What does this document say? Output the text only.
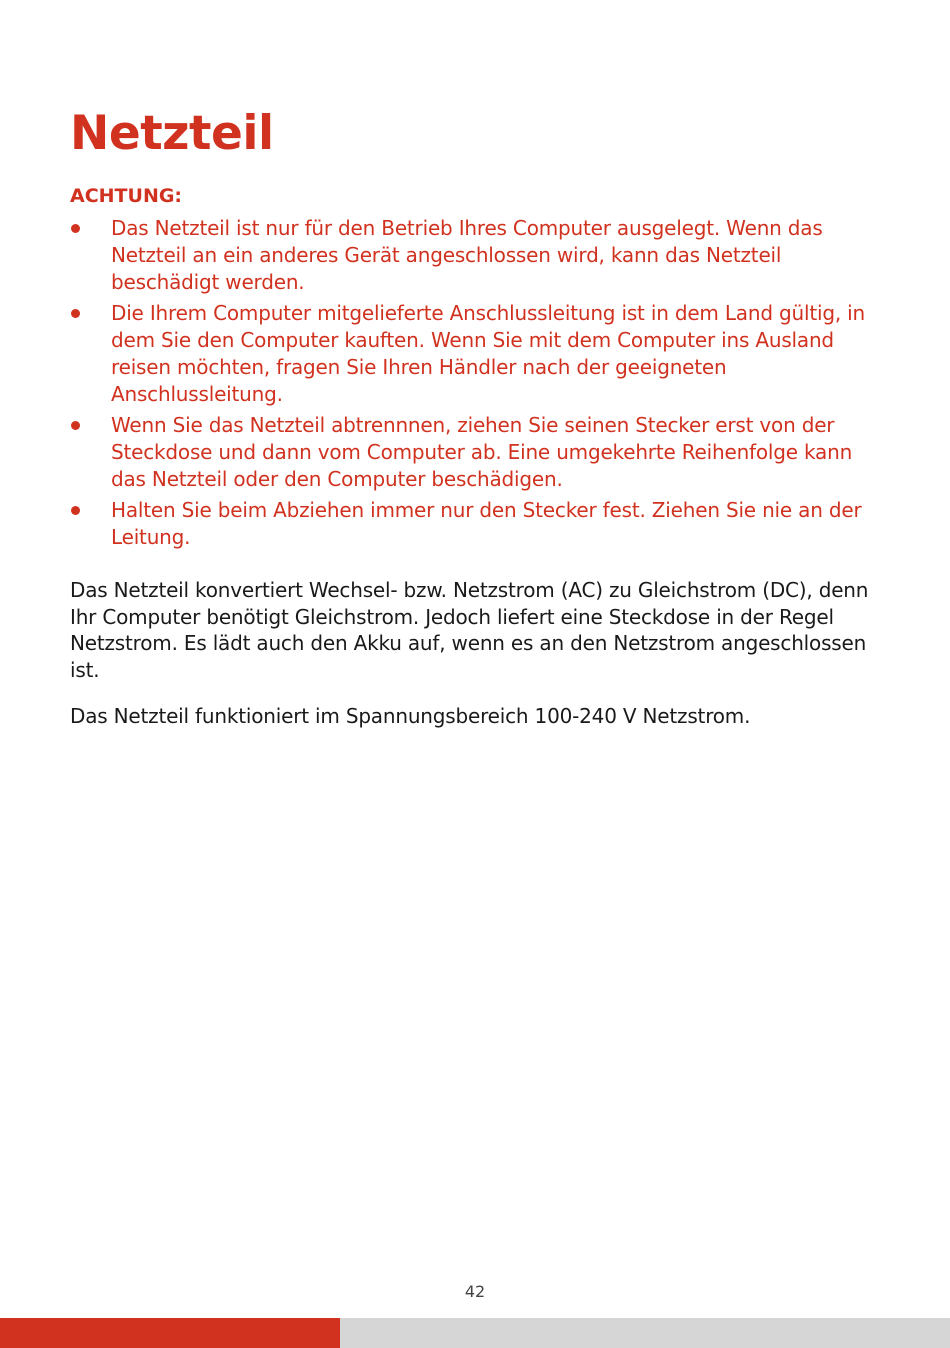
Netzteil
ACHTUNG:
Das Netzteil ist nur für den Betrieb Ihres Computer ausgelegt. Wenn das Netzteil an ein anderes Gerät angeschlossen wird, kann das Netzteil beschädigt werden.
Die Ihrem Computer mitgelieferte Anschlussleitung ist in dem Land gültig, in dem Sie den Computer kauften. Wenn Sie mit dem Computer ins Ausland reisen möchten, fragen Sie Ihren Händler nach der geeigneten Anschlussleitung.
Wenn Sie das Netzteil abtrennnen, ziehen Sie seinen Stecker erst von der Steckdose und dann vom Computer ab. Eine umgekehrte Reihenfolge kann das Netzteil oder den Computer beschädigen.
Halten Sie beim Abziehen immer nur den Stecker fest. Ziehen Sie nie an der Leitung.

Das Netzteil konvertiert Wechsel- bzw. Netzstrom (AC) zu Gleichstrom (DC), denn Ihr Computer benötigt Gleichstrom. Jedoch liefert eine Steckdose in der Regel Netzstrom. Es lädt auch den Akku auf, wenn es an den Netzstrom angeschlossen ist.

Das Netzteil funktioniert im Spannungsbereich 100-240 V Netzstrom.

42
